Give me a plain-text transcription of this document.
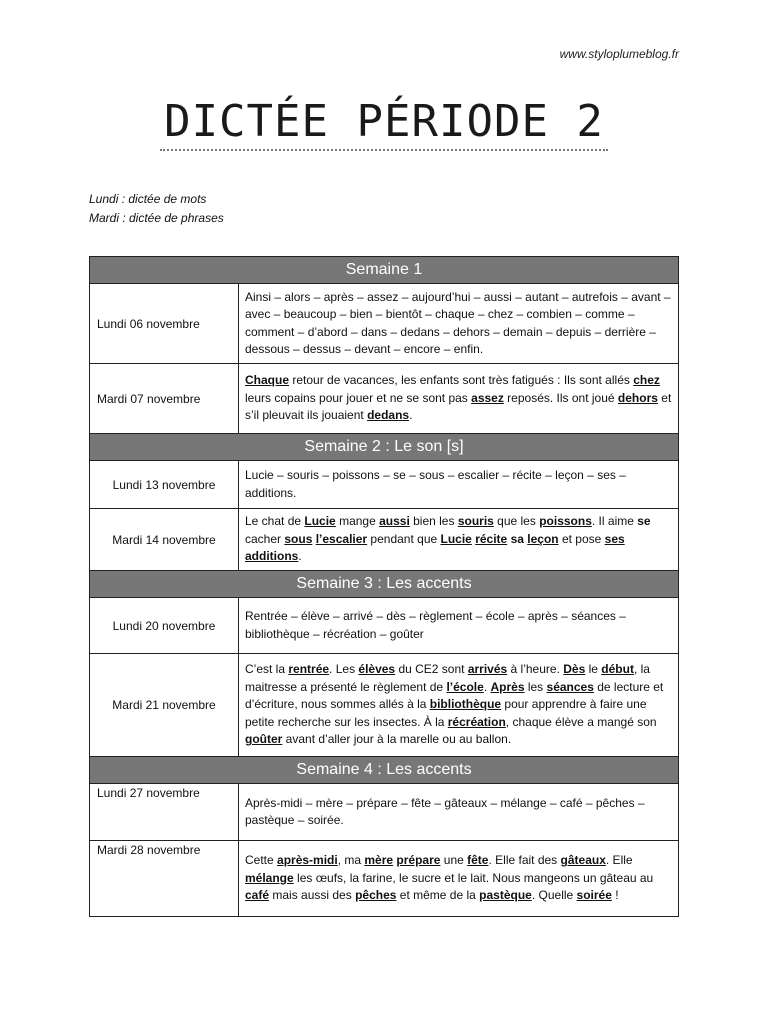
www.styloplumeblog.fr
DICTÉE PÉRIODE 2
Lundi : dictée de mots
Mardi : dictée de phrases
Semaine 1	
Lundi 06 novembre	Ainsi – alors – après – assez – aujourd’hui – aussi – autant – autrefois – avant – avec – beaucoup – bien – bientôt – chaque – chez – combien – comme – comment – d’abord – dans – dedans – dehors – demain – depuis – derrière – dessous – dessus – devant – encore – enfin.
Mardi 07 novembre	Chaque retour de vacances, les enfants sont très fatigués : Ils sont allés chez leurs copains pour jouer et ne se sont pas assez reposés. Ils ont joué dehors et s’il pleuvait ils jouaient dedans.
Semaine 2 : Le son [s]	
Lundi 13 novembre	Lucie – souris – poissons – se – sous – escalier – récite – leçon – ses – additions.
Mardi 14 novembre	Le chat de Lucie mange aussi bien les souris que les poissons. Il aime se cacher sous l’escalier pendant que Lucie récite sa leçon et pose ses additions.
Semaine 3 : Les accents	
Lundi 20 novembre	Rentrée – élève – arrivé – dès – règlement – école – après – séances – bibliothèque – récréation – goûter
Mardi 21 novembre	C’est la rentrée. Les élèves du CE2 sont arrivés à l’heure. Dès le début, la maitresse a présenté le règlement de l’école. Après les séances de lecture et d’écriture, nous sommes allés à la bibliothèque pour apprendre à faire une petite recherche sur les insectes. À la récréation, chaque élève a mangé son goûter avant d’aller jour à la marelle ou au ballon.
Semaine 4 : Les accents	
Lundi 27 novembre	Après-midi – mère – prépare – fête – gâteaux – mélange – café – pêches – pastèque – soirée.
Mardi 28 novembre	Cette après-midi, ma mère prépare une fête. Elle fait des gâteaux. Elle mélange les œufs, la farine, le sucre et le lait. Nous mangeons un gâteau au café mais aussi des pêches et même de la pastèque. Quelle soirée !
